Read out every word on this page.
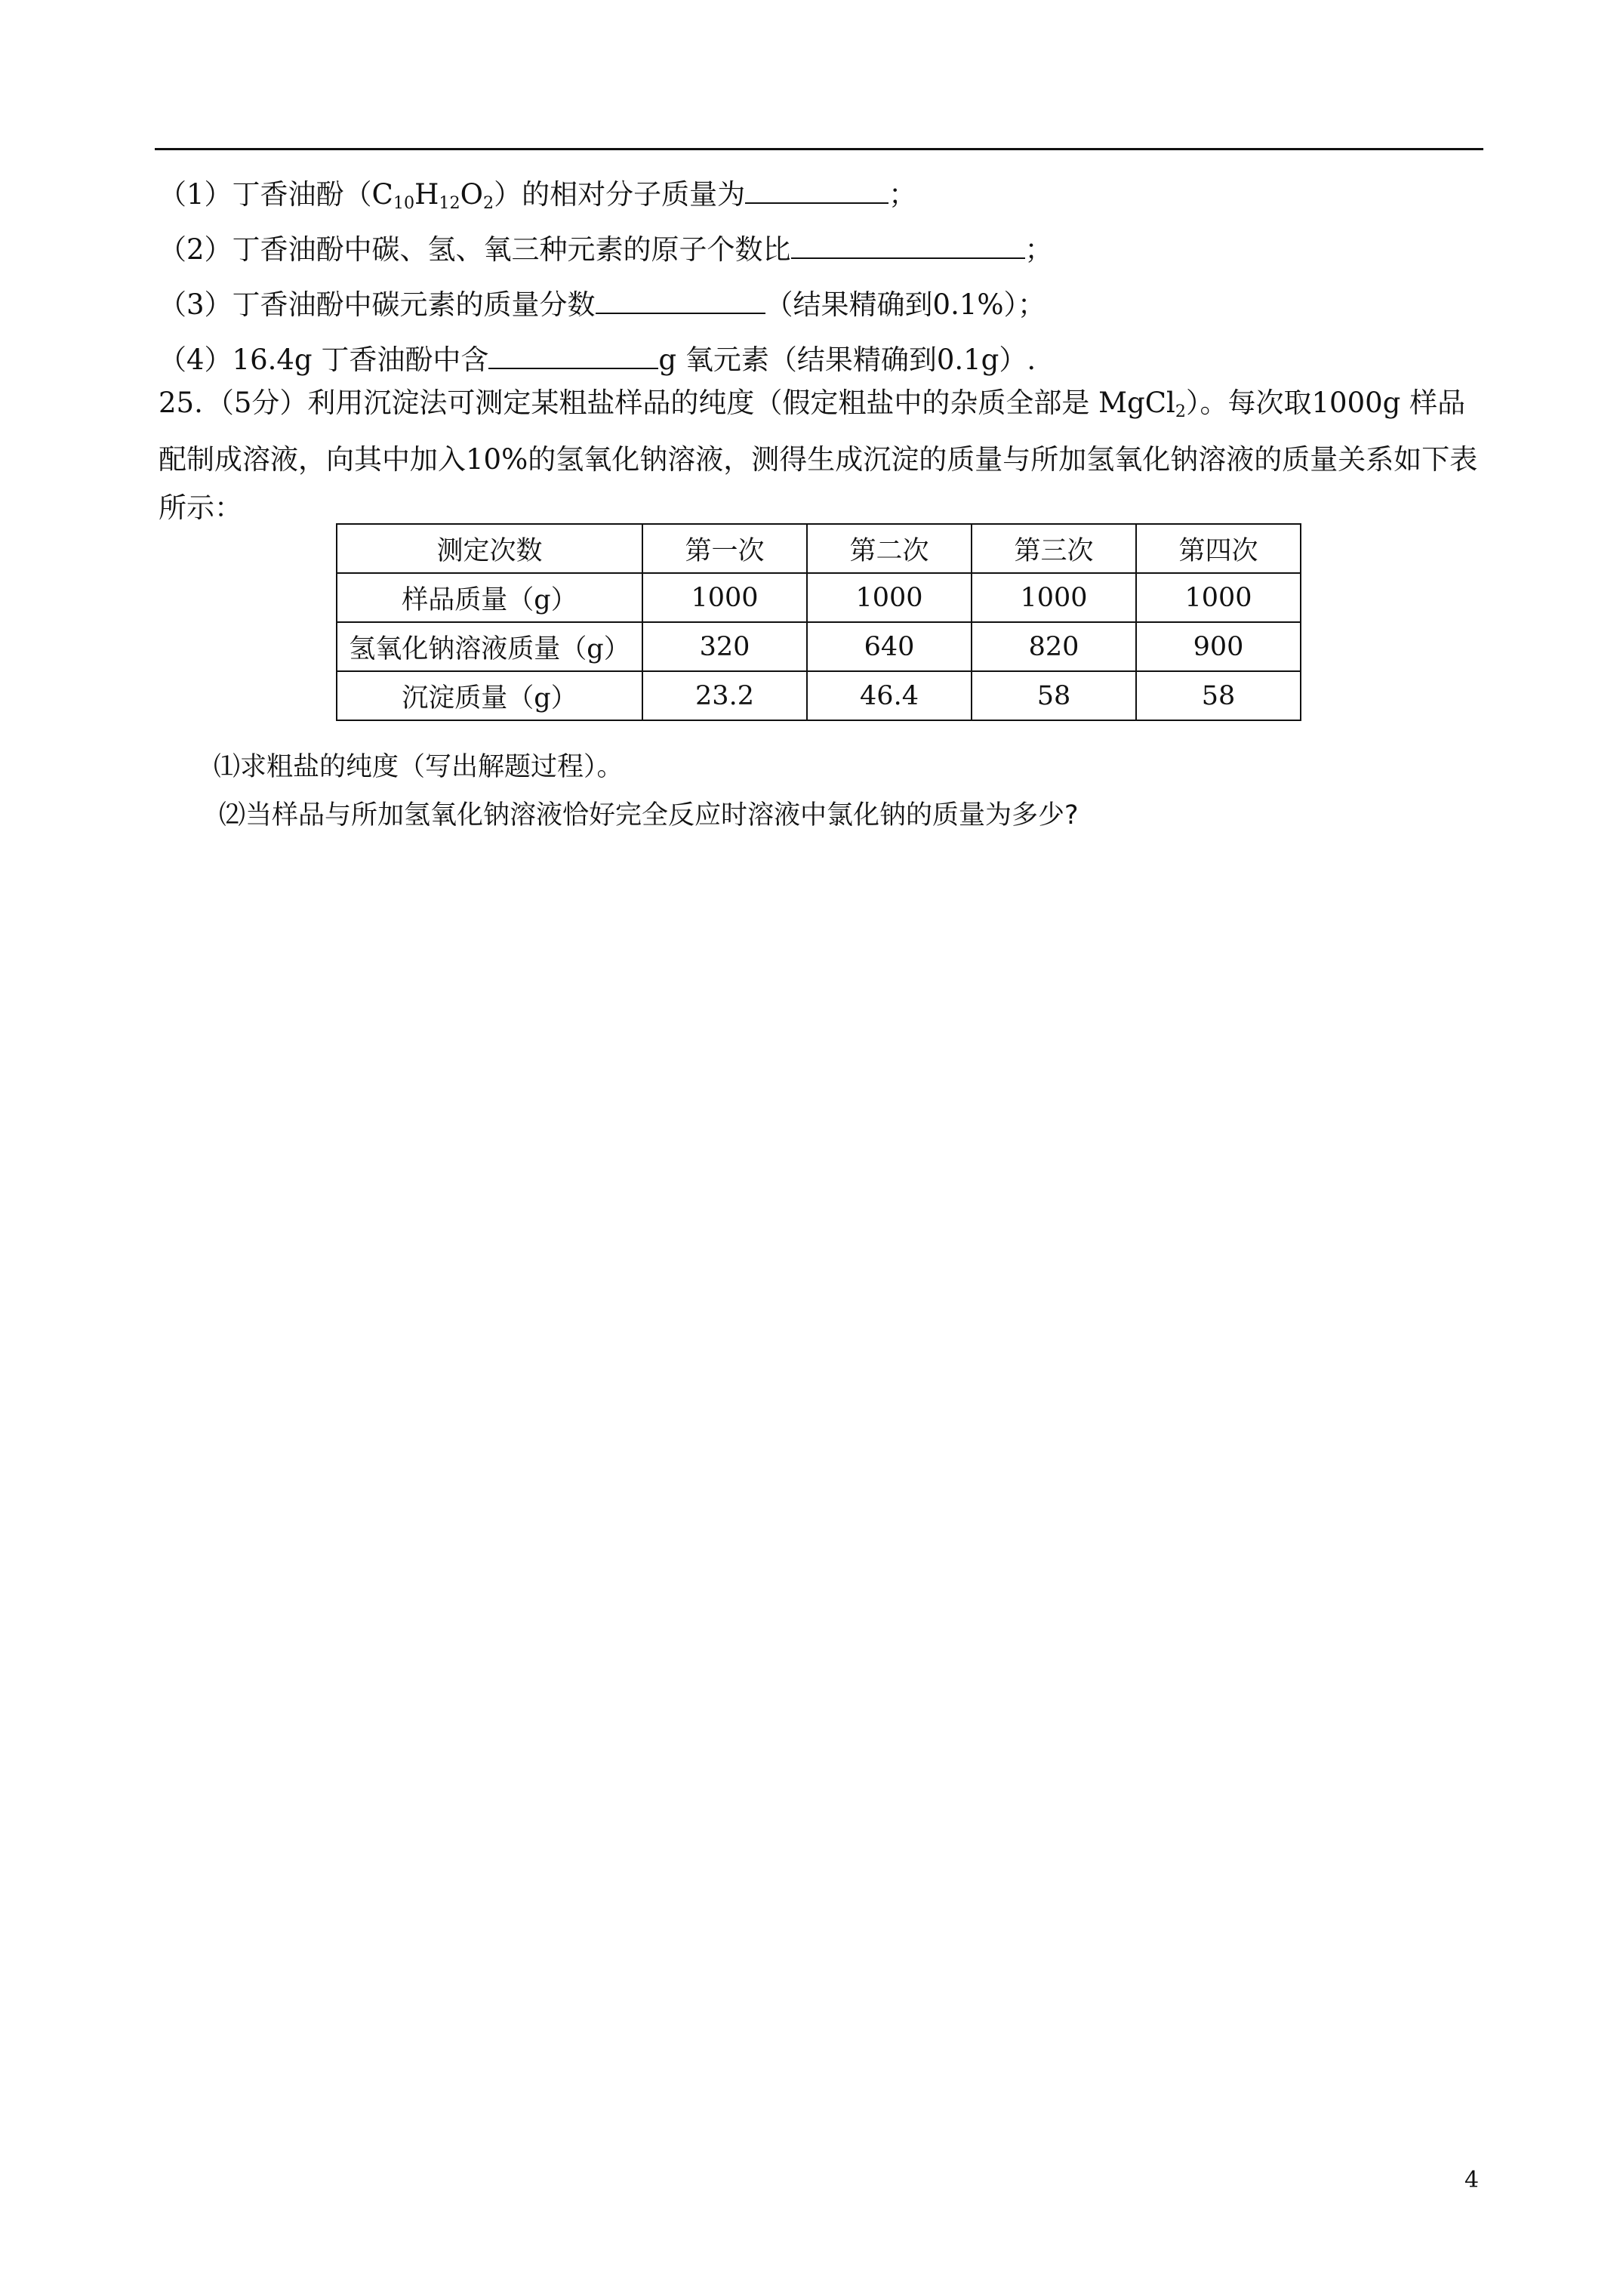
（1）丁香油酚$(C_{10}H_{12}O_2)$的相对分子质量为	；
（2）丁香油酚中碳、氢、氧三种元素的原子个数比	；
（3）丁香油酚中碳元素的质量分数	（结果精确到0.1%）；
（4）16.4g 丁香油酚中含	g 氧元素（结果精确到0.1g）.
25. （5分）利用沉淀法可测定某粗盐样品的纯度（假定粗盐中的杂质全部是 MgCl$_2$）。每次取1000g 样品配制成溶液，向其中加入10%的氢氧化钠溶液，测得生成沉淀的质量与所加氢氧化钠溶液的质量关系如下表所示：
测定次数	第一次	第二次	第三次	第四次
样品质量（g）	1000	1000	1000	1000
氢氧化钠溶液质量（g）	320	640	820	900
沉淀质量（g）	23.2	46.4	58	58
⑴求粗盐的纯度（写出解题过程）。
⑵当样品与所加氢氧化钠溶液恰好完全反应时溶液中氯化钠的质量为多少?
4
